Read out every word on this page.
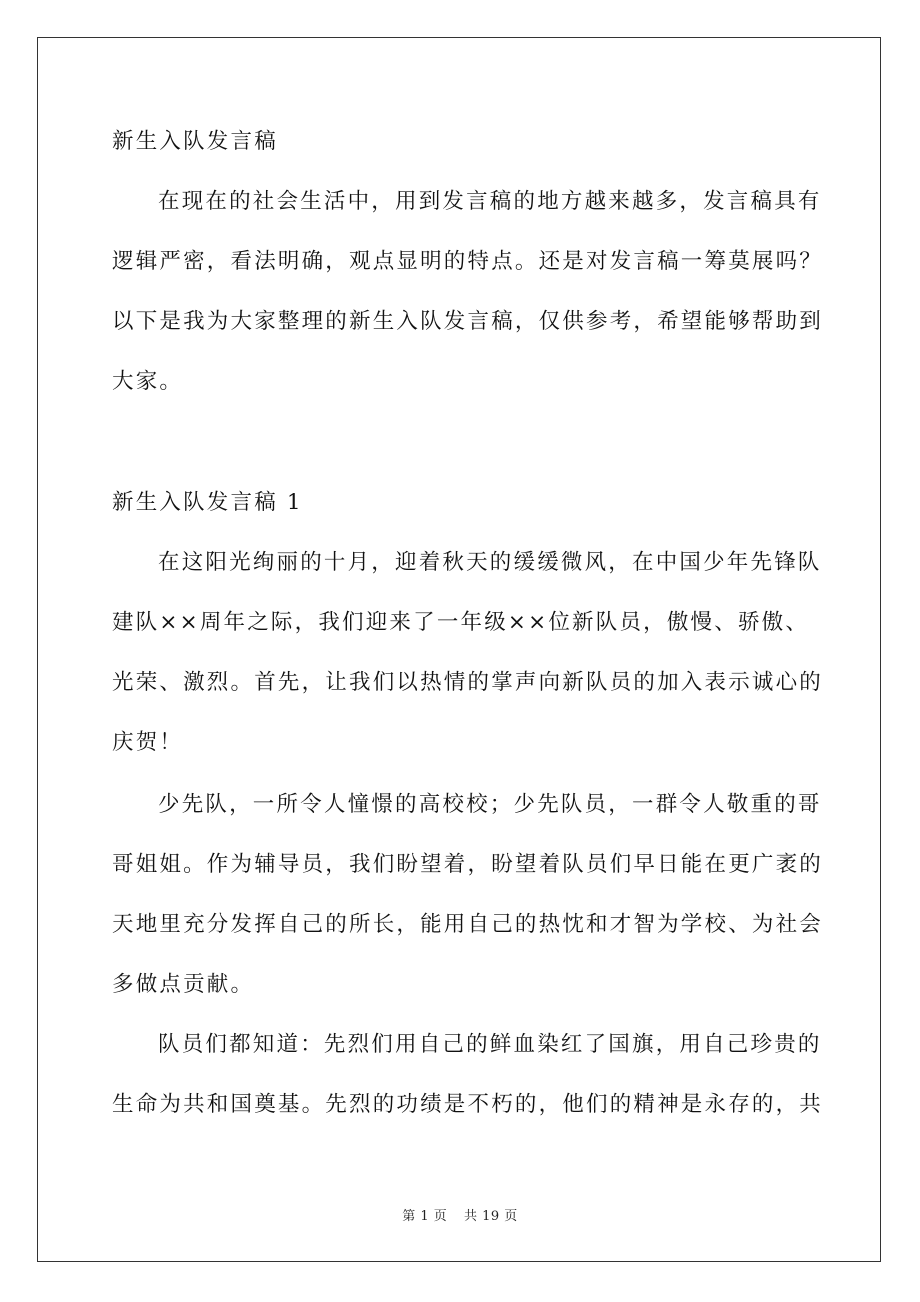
新生入队发言稿
在现在的社会生活中，用到发言稿的地方越来越多，发言稿具有
逻辑严密，看法明确，观点显明的特点。还是对发言稿一筹莫展吗？
以下是我为大家整理的新生入队发言稿，仅供参考，希望能够帮助到
大家。
新生入队发言稿 1
在这阳光绚丽的十月，迎着秋天的缓缓微风，在中国少年先锋队
建队××周年之际，我们迎来了一年级××位新队员，傲慢、骄傲、
光荣、激烈。首先，让我们以热情的掌声向新队员的加入表示诚心的
庆贺！
少先队，一所令人憧憬的高校校；少先队员，一群令人敬重的哥
哥姐姐。作为辅导员，我们盼望着，盼望着队员们早日能在更广袤的
天地里充分发挥自己的所长，能用自己的热忱和才智为学校、为社会
多做点贡献。
队员们都知道：先烈们用自己的鲜血染红了国旗，用自己珍贵的
生命为共和国奠基。先烈的功绩是不朽的，他们的精神是永存的，共
第 1 页 共 19 页
